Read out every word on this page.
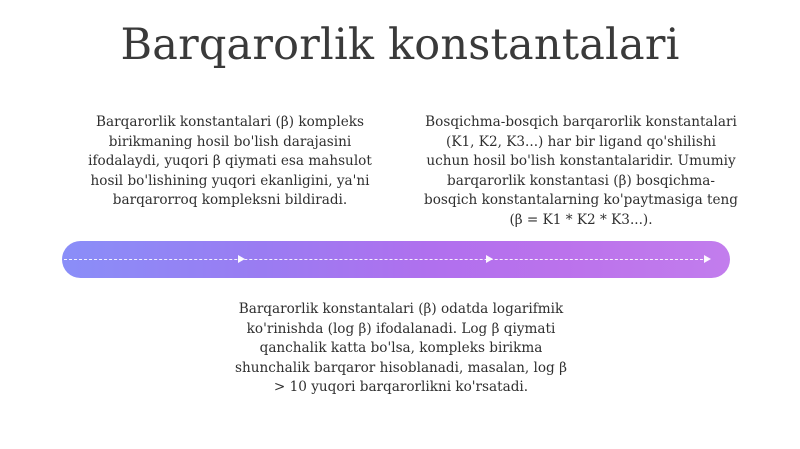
Barqarorlik konstantalari
Barqarorlik konstantalari (β) kompleks birikmaning hosil bo'lish darajasini ifodalaydi, yuqori β qiymati esa mahsulot hosil bo'lishining yuqori ekanligini, ya'ni barqarorroq kompleksni bildiradi.
Bosqichma-bosqich barqarorlik konstantalari (K1, K2, K3...) har bir ligand qo'shilishi uchun hosil bo'lish konstantalaridir. Umumiy barqarorlik konstantasi (β) bosqichma-bosqich konstantalarning ko'paytmasiga teng (β = K1 * K2 * K3...).
Barqarorlik konstantalari (β) odatda logarifmik ko'rinishda (log β) ifodalanadi. Log β qiymati qanchalik katta bo'lsa, kompleks birikma shunchalik barqaror hisoblanadi, masalan, log β > 10 yuqori barqarorlikni ko'rsatadi.
